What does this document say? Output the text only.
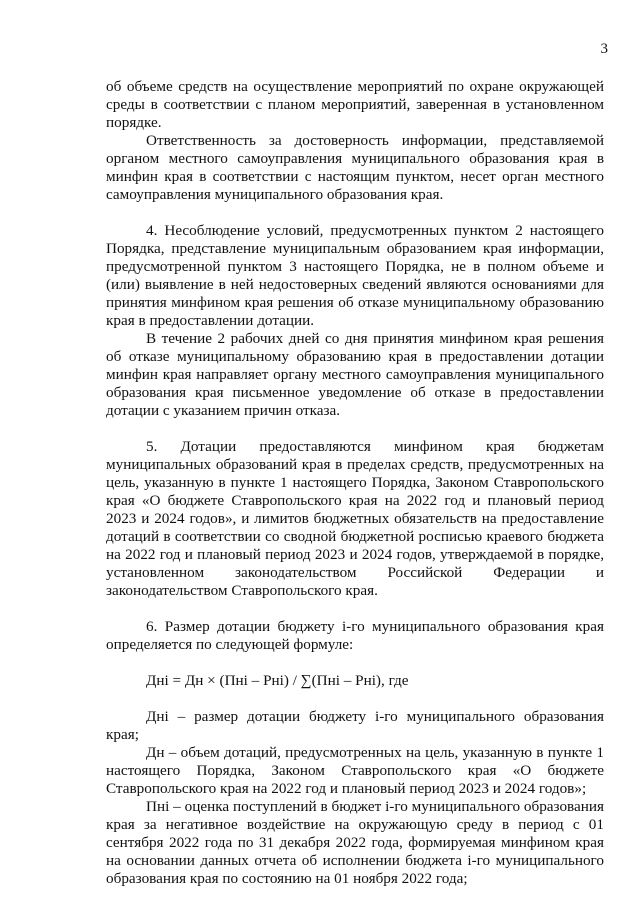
3

об объеме средств на осуществление мероприятий по охране окружающей среды в соответствии с планом мероприятий, заверенная в установленном порядке.

Ответственность за достоверность информации, представляемой органом местного самоуправления муниципального образования края в минфин края в соответствии с настоящим пунктом, несет орган местного самоуправления муниципального образования края.

4. Несоблюдение условий, предусмотренных пунктом 2 настоящего Порядка, представление муниципальным образованием края информации, предусмотренной пунктом 3 настоящего Порядка, не в полном объеме и (или) выявление в ней недостоверных сведений являются основаниями для принятия минфином края решения об отказе муниципальному образованию края в предоставлении дотации.

В течение 2 рабочих дней со дня принятия минфином края решения об отказе муниципальному образованию края в предоставлении дотации минфин края направляет органу местного самоуправления муниципального образования края письменное уведомление об отказе в предоставлении дотации с указанием причин отказа.

5. Дотации предоставляются минфином края бюджетам муниципальных образований края в пределах средств, предусмотренных на цель, указанную в пункте 1 настоящего Порядка, Законом Ставропольского края «О бюджете Ставропольского края на 2022 год и плановый период 2023 и 2024 годов», и лимитов бюджетных обязательств на предоставление дотаций в соответствии со сводной бюджетной росписью краевого бюджета на 2022 год и плановый период 2023 и 2024 годов, утверждаемой в порядке, установленном законодательством Российской Федерации и законодательством Ставропольского края.

6. Размер дотации бюджету i-го муниципального образования края определяется по следующей формуле:

Дні = Дн × (Пні – Рні) / ∑(Пні – Рні), где

Дні – размер дотации бюджету i-го муниципального образования края;

Дн – объем дотаций, предусмотренных на цель, указанную в пункте 1 настоящего Порядка, Законом Ставропольского края «О бюджете Ставропольского края на 2022 год и плановый период 2023 и 2024 годов»;

Пні – оценка поступлений в бюджет i-го муниципального образования края за негативное воздействие на окружающую среду в период с 01 сентября 2022 года по 31 декабря 2022 года, формируемая минфином края на основании данных отчета об исполнении бюджета i-го муниципального образования края по состоянию на 01 ноября 2022 года;
